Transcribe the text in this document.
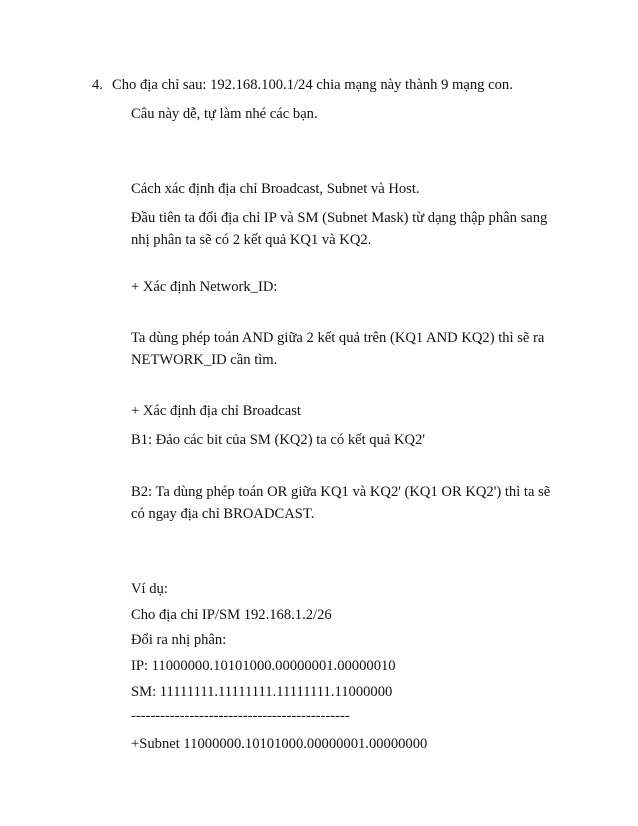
4. Cho địa chỉ sau: 192.168.100.1/24 chia mạng này thành 9 mạng con.
Câu này dễ, tự làm nhé các bạn.
Cách xác định địa chỉ Broadcast, Subnet và Host.
Đầu tiên ta đổi địa chỉ IP và SM (Subnet Mask) từ dạng thập phân sang
nhị phân ta sẽ có 2 kết quả KQ1 và KQ2.
+ Xác định Network_ID:
Ta dùng phép toán AND giữa 2 kết quả trên (KQ1 AND KQ2) thì sẽ ra
NETWORK_ID cần tìm.
+ Xác định địa chỉ Broadcast
B1: Đảo các bit của SM (KQ2) ta có kết quả KQ2'
B2: Ta dùng phép toán OR giữa KQ1 và KQ2' (KQ1 OR KQ2') thì ta sẽ
có ngay địa chỉ BROADCAST.
Ví dụ:
Cho địa chỉ IP/SM 192.168.1.2/26
Đổi ra nhị phân:
IP: 11000000.10101000.00000001.00000010
SM: 11111111.11111111.11111111.11000000
---------------------------------------------
+Subnet 11000000.10101000.00000001.00000000
